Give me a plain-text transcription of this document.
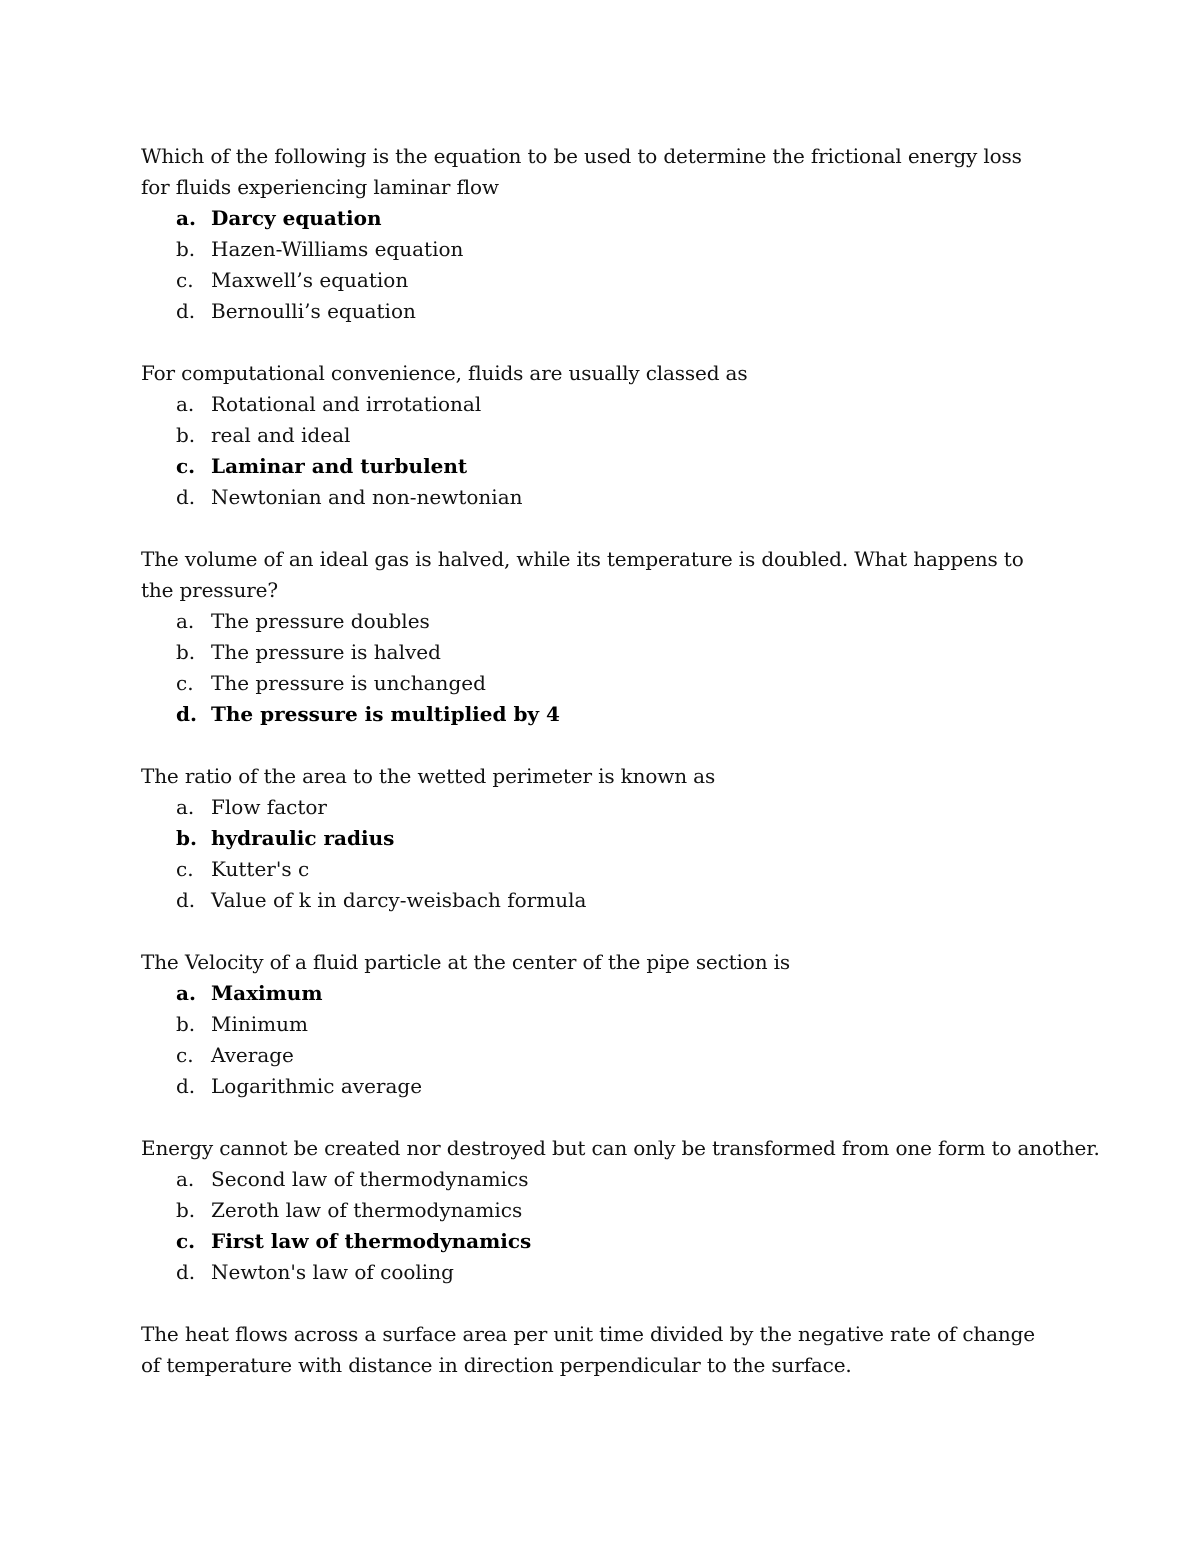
Which of the following is the equation to be used to determine the frictional energy loss for fluids experiencing laminar flow

a. Darcy equation
b. Hazen-Williams equation
c. Maxwell’s equation
d. Bernoulli’s equation

For computational convenience, fluids are usually classed as

a. Rotational and irrotational
b. real and ideal
c. Laminar and turbulent
d. Newtonian and non-newtonian

The volume of an ideal gas is halved, while its temperature is doubled. What happens to the pressure?

a. The pressure doubles
b. The pressure is halved
c. The pressure is unchanged
d. The pressure is multiplied by 4

The ratio of the area to the wetted perimeter is known as

a. Flow factor
b. hydraulic radius
c. Kutter's c
d. Value of k in darcy-weisbach formula

The Velocity of a fluid particle at the center of the pipe section is

a. Maximum
b. Minimum
c. Average
d. Logarithmic average

Energy cannot be created nor destroyed but can only be transformed from one form to another.

a. Second law of thermodynamics
b. Zeroth law of thermodynamics
c. First law of thermodynamics
d. Newton's law of cooling

The heat flows across a surface area per unit time divided by the negative rate of change of temperature with distance in direction perpendicular to the surface.
